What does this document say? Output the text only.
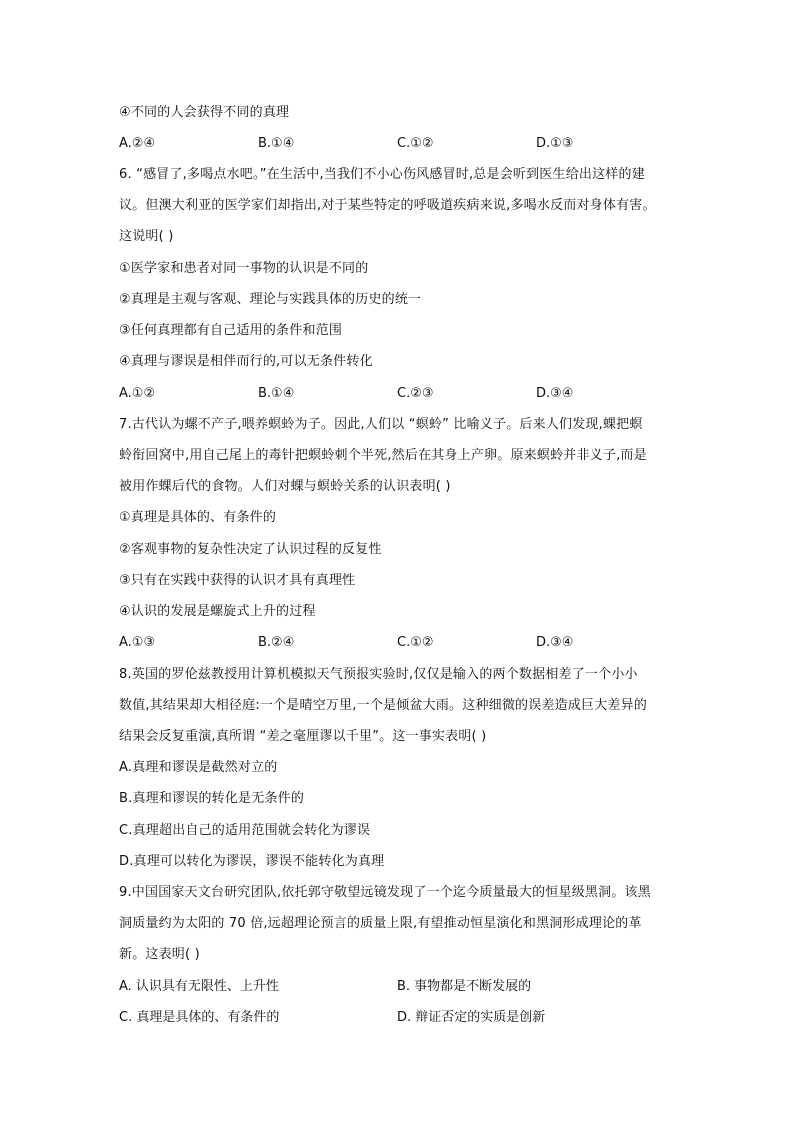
④不同的人会获得不同的真理
A.②④	B.①④	C.①②	D.①③
6. “感冒了,多喝点水吧。”在生活中,当我们不小心伤风感冒时,总是会听到医生给出这样的建
议。但澳大利亚的医学家们却指出,对于某些特定的呼吸道疾病来说,多喝水反而对身体有害。
这说明( )
①医学家和患者对同一事物的认识是不同的
②真理是主观与客观、理论与实践具体的历史的统一
③任何真理都有自己适用的条件和范围
④真理与谬误是相伴而行的,可以无条件转化
A.①②	B.①④	C.②③	D.③④
7.古代认为螺不产子,喂养螟蛉为子。因此,人们以 “螟蛉” 比喻义子。后来人们发现,蜾把螟
蛉衔回窝中,用自己尾上的毒针把螟蛉刺个半死,然后在其身上产卵。原来螟蛉并非义子,而是
被用作蜾后代的食物。人们对蜾与螟蛉关系的认识表明( )
①真理是具体的、有条件的
②客观事物的复杂性决定了认识过程的反复性
③只有在实践中获得的认识才具有真理性
④认识的发展是螺旋式上升的过程
A.①③	B.②④	C.①②	D.③④
8.英国的罗伦兹教授用计算机模拟天气预报实验时,仅仅是输入的两个数据相差了一个小小
数值,其结果却大相径庭:一个是晴空万里,一个是倾盆大雨。这种细微的误差造成巨大差异的
结果会反复重演,真所谓 “差之毫厘谬以千里”。这一事实表明( )
A.真理和谬误是截然对立的
B.真理和谬误的转化是无条件的
C.真理超出自己的适用范围就会转化为谬误
D.真理可以转化为谬误，谬误不能转化为真理
9.中国国家天文台研究团队,依托郭守敬望远镜发现了一个迄今质量最大的恒星级黑洞。该黑
洞质量约为太阳的 70 倍,远超理论预言的质量上限,有望推动恒星演化和黑洞形成理论的革
新。这表明( )
A. 认识具有无限性、上升性	B. 事物都是不断发展的
C. 真理是具体的、有条件的	D. 辩证否定的实质是创新
